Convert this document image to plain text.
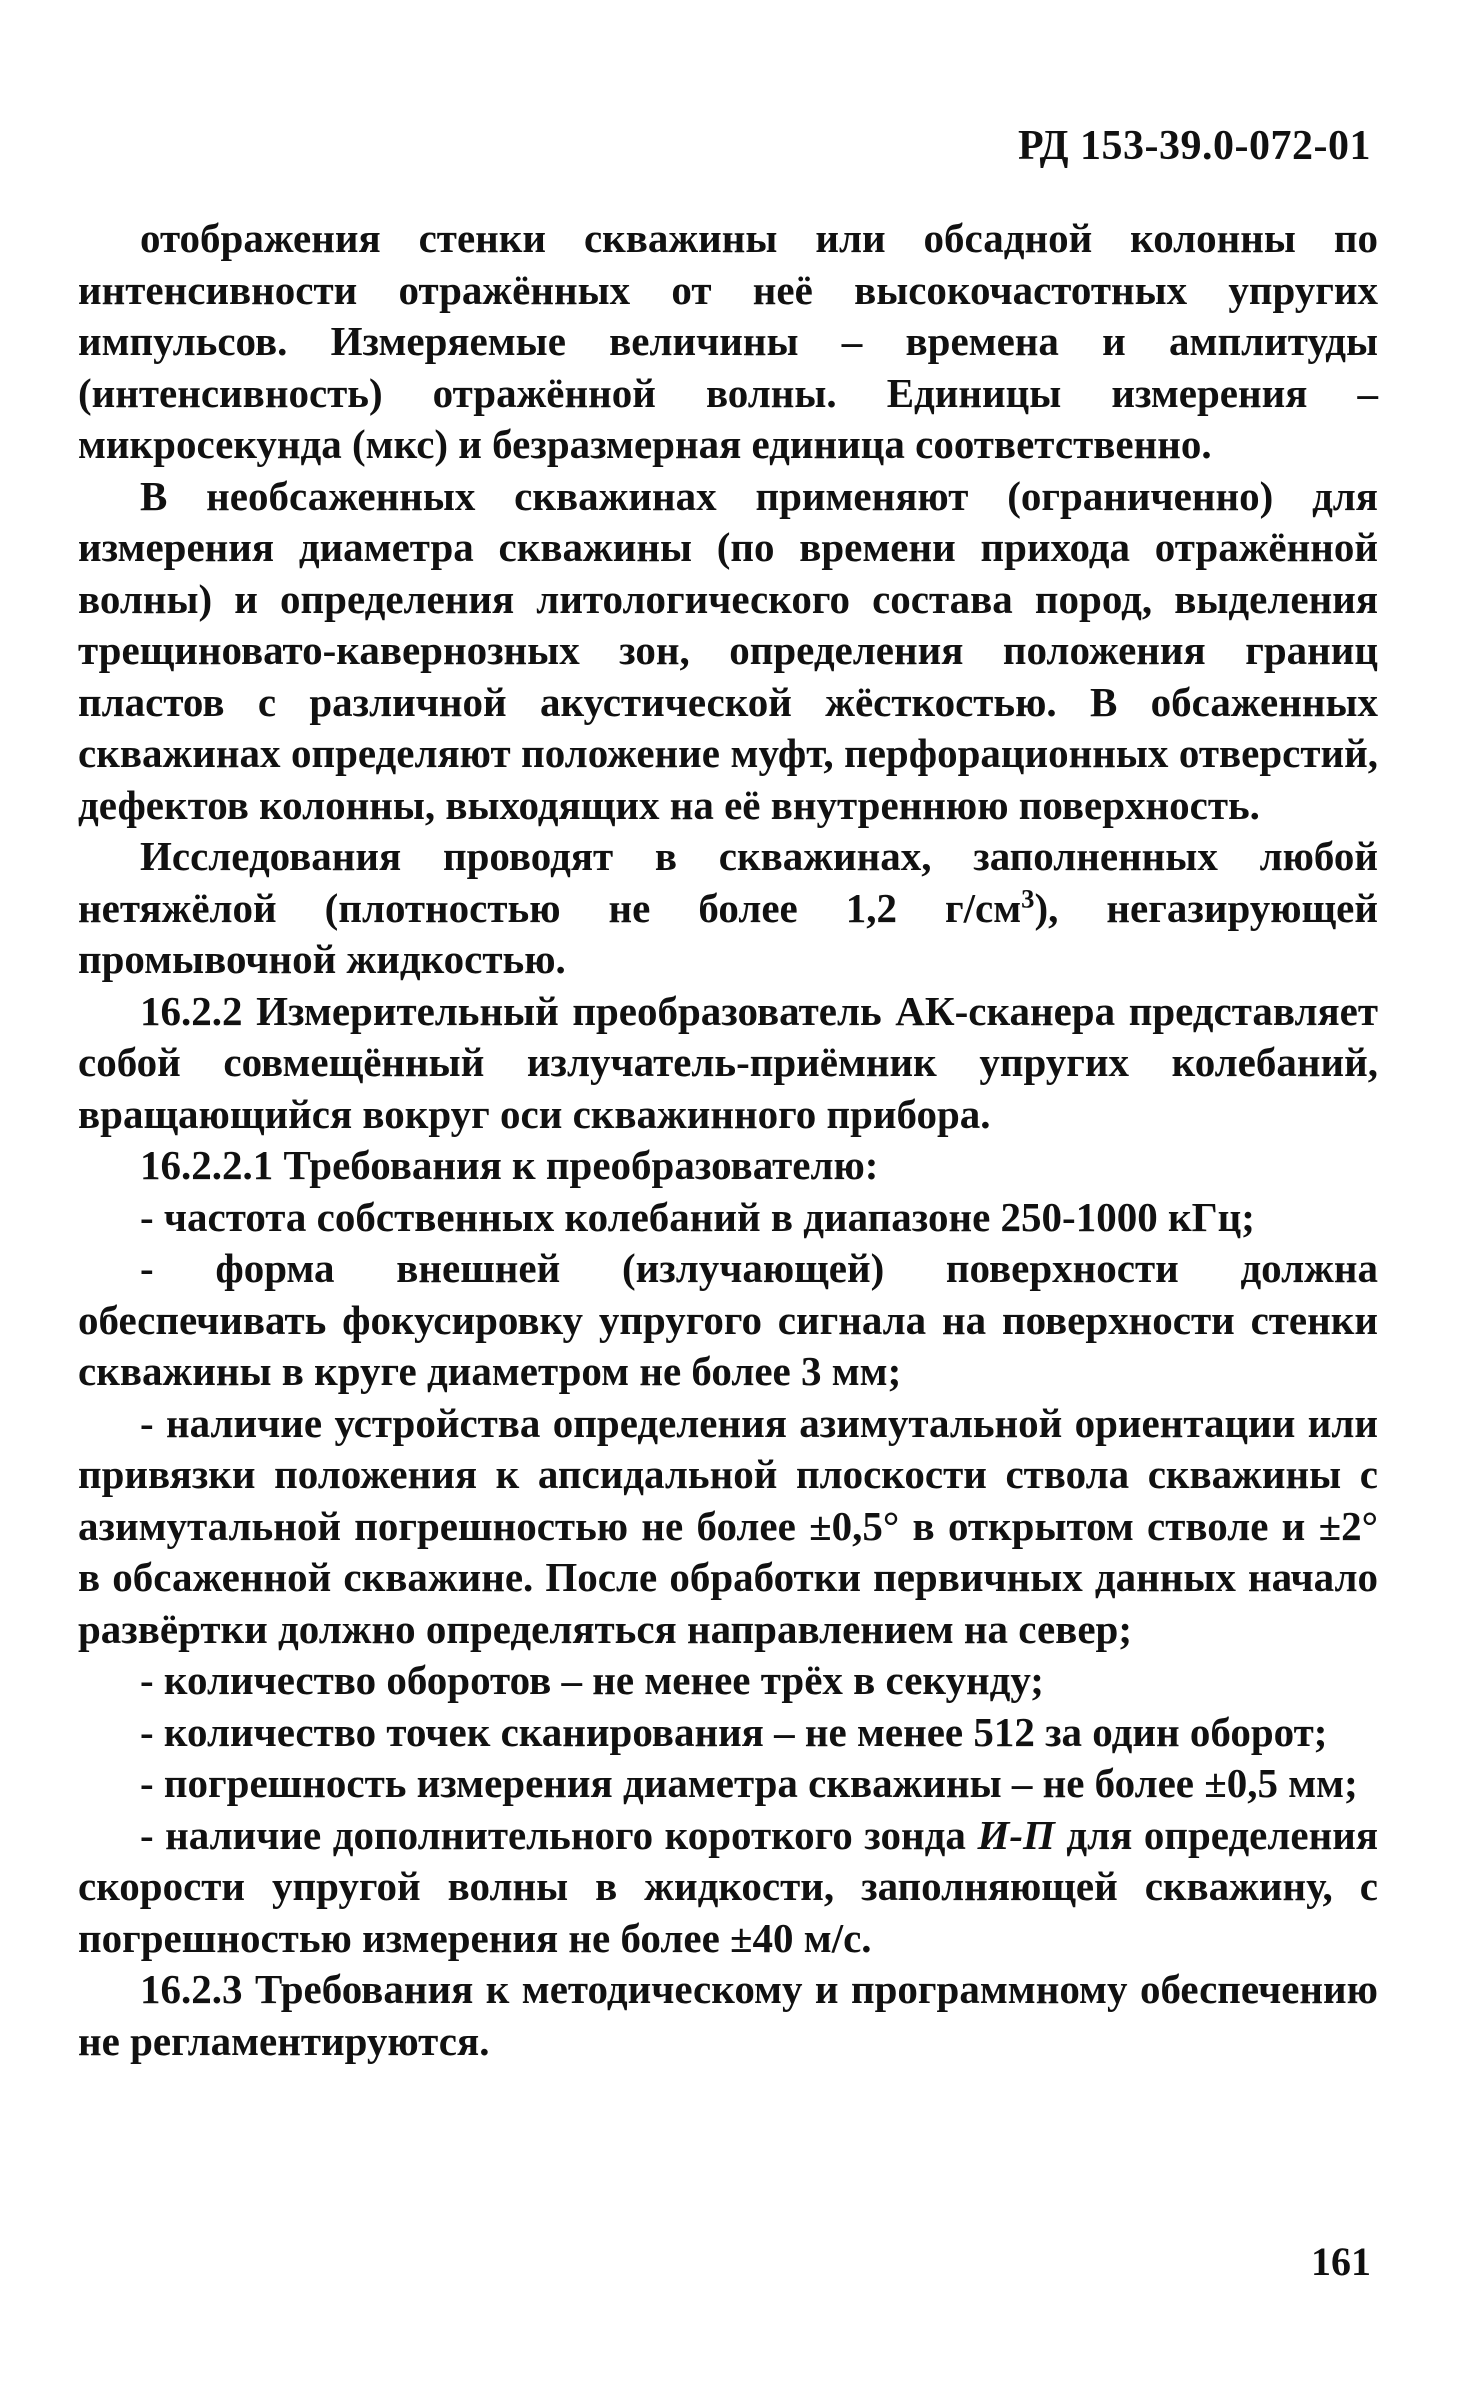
РД 153-39.0-072-01

отображения стенки скважины или обсадной колонны по интенсивности отражённых от неё высокочастотных упругих импульсов. Измеряемые величины – времена и амплитуды (интенсивность) отражённой волны. Единицы измерения – микросекунда (мкс) и безразмерная единица соответственно.

В необсаженных скважинах применяют (ограниченно) для измерения диаметра скважины (по времени прихода отражённой волны) и определения литологического состава пород, выделения трещиновато-кавернозных зон, определения положения границ пластов с различной акустической жёсткостью. В обсаженных скважинах определяют положение муфт, перфорационных отверстий, дефектов колонны, выходящих на её внутреннюю поверхность.

Исследования проводят в скважинах, заполненных любой нетяжёлой (плотностью не более 1,2 $г/см^3$), негазирующей промывочной жидкостью.

16.2.2 Измерительный преобразователь АК-сканера представляет собой совмещённый излучатель-приёмник упругих колебаний, вращающийся вокруг оси скважинного прибора.

16.2.2.1 Требования к преобразователю:

- частота собственных колебаний в диапазоне 250-1000 кГц;

- форма внешней (излучающей) поверхности должна обеспечивать фокусировку упругого сигнала на поверхности стенки скважины в круге диаметром не более 3 мм;

- наличие устройства определения азимутальной ориентации или привязки положения к апсидальной плоскости ствола скважины с азимутальной погрешностью не более ±0,5° в открытом стволе и ±2° в обсаженной скважине. После обработки первичных данных начало развёртки должно определяться направлением на север;

- количество оборотов – не менее трёх в секунду;

- количество точек сканирования – не менее 512 за один оборот;

- погрешность измерения диаметра скважины – не более ±0,5 мм;

- наличие дополнительного короткого зонда И-П для определения скорости упругой волны в жидкости, заполняющей скважину, с погрешностью измерения не более ±40 м/с.

16.2.3 Требования к методическому и программному обеспечению не регламентируются.

161
